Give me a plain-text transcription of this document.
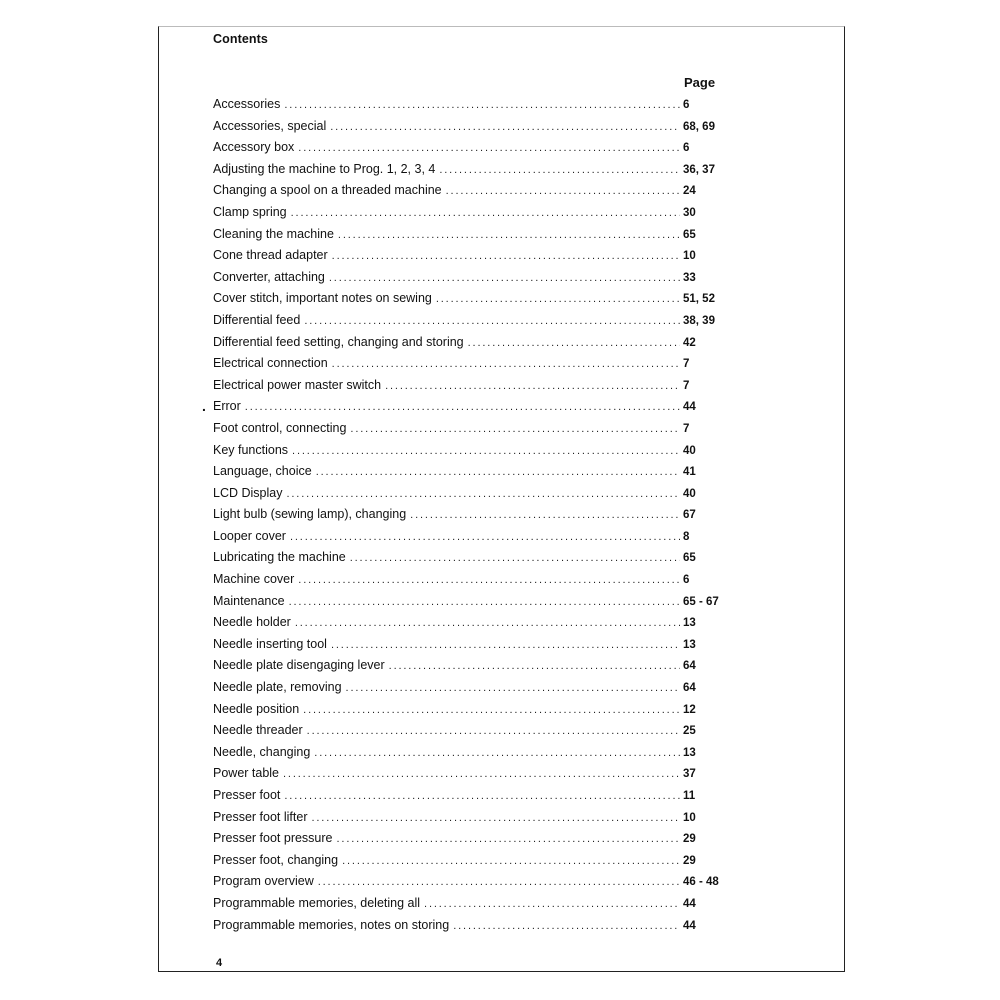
Contents
Page
.
Accessories . . .	6
Accessories, special . . .	68, 69
Accessory box . . .	6
Adjusting the machine to Prog. 1, 2, 3, 4 . . .	36, 37
Changing a spool on a threaded machine . . .	24
Clamp spring . . .	30
Cleaning the machine . . .	65
Cone thread adapter . . .	10
Converter, attaching . . .	33
Cover stitch, important notes on sewing . . .	51, 52
Differential feed . . .	38, 39
Differential feed setting, changing and storing . . .	42
Electrical connection . . .	7
Electrical power master switch . . .	7
Error . . .	44
Foot control, connecting . . .	7
Key functions . . .	40
Language, choice . . .	41
LCD Display . . .	40
Light bulb (sewing lamp), changing . . .	67
Looper cover . . .	8
Lubricating the machine . . .	65
Machine cover . . .	6
Maintenance . . .	65 - 67
Needle holder . . .	13
Needle inserting tool . . .	13
Needle plate disengaging lever . . .	64
Needle plate, removing . . .	64
Needle position . . .	12
Needle threader . . .	25
Needle, changing . . .	13
Power table . . .	37
Presser foot . . .	11
Presser foot lifter . . .	10
Presser foot pressure . . .	29
Presser foot, changing . . .	29
Program overview . . .	46 - 48
Programmable memories, deleting all . . .	44
Programmable memories, notes on storing . . .	44
4
